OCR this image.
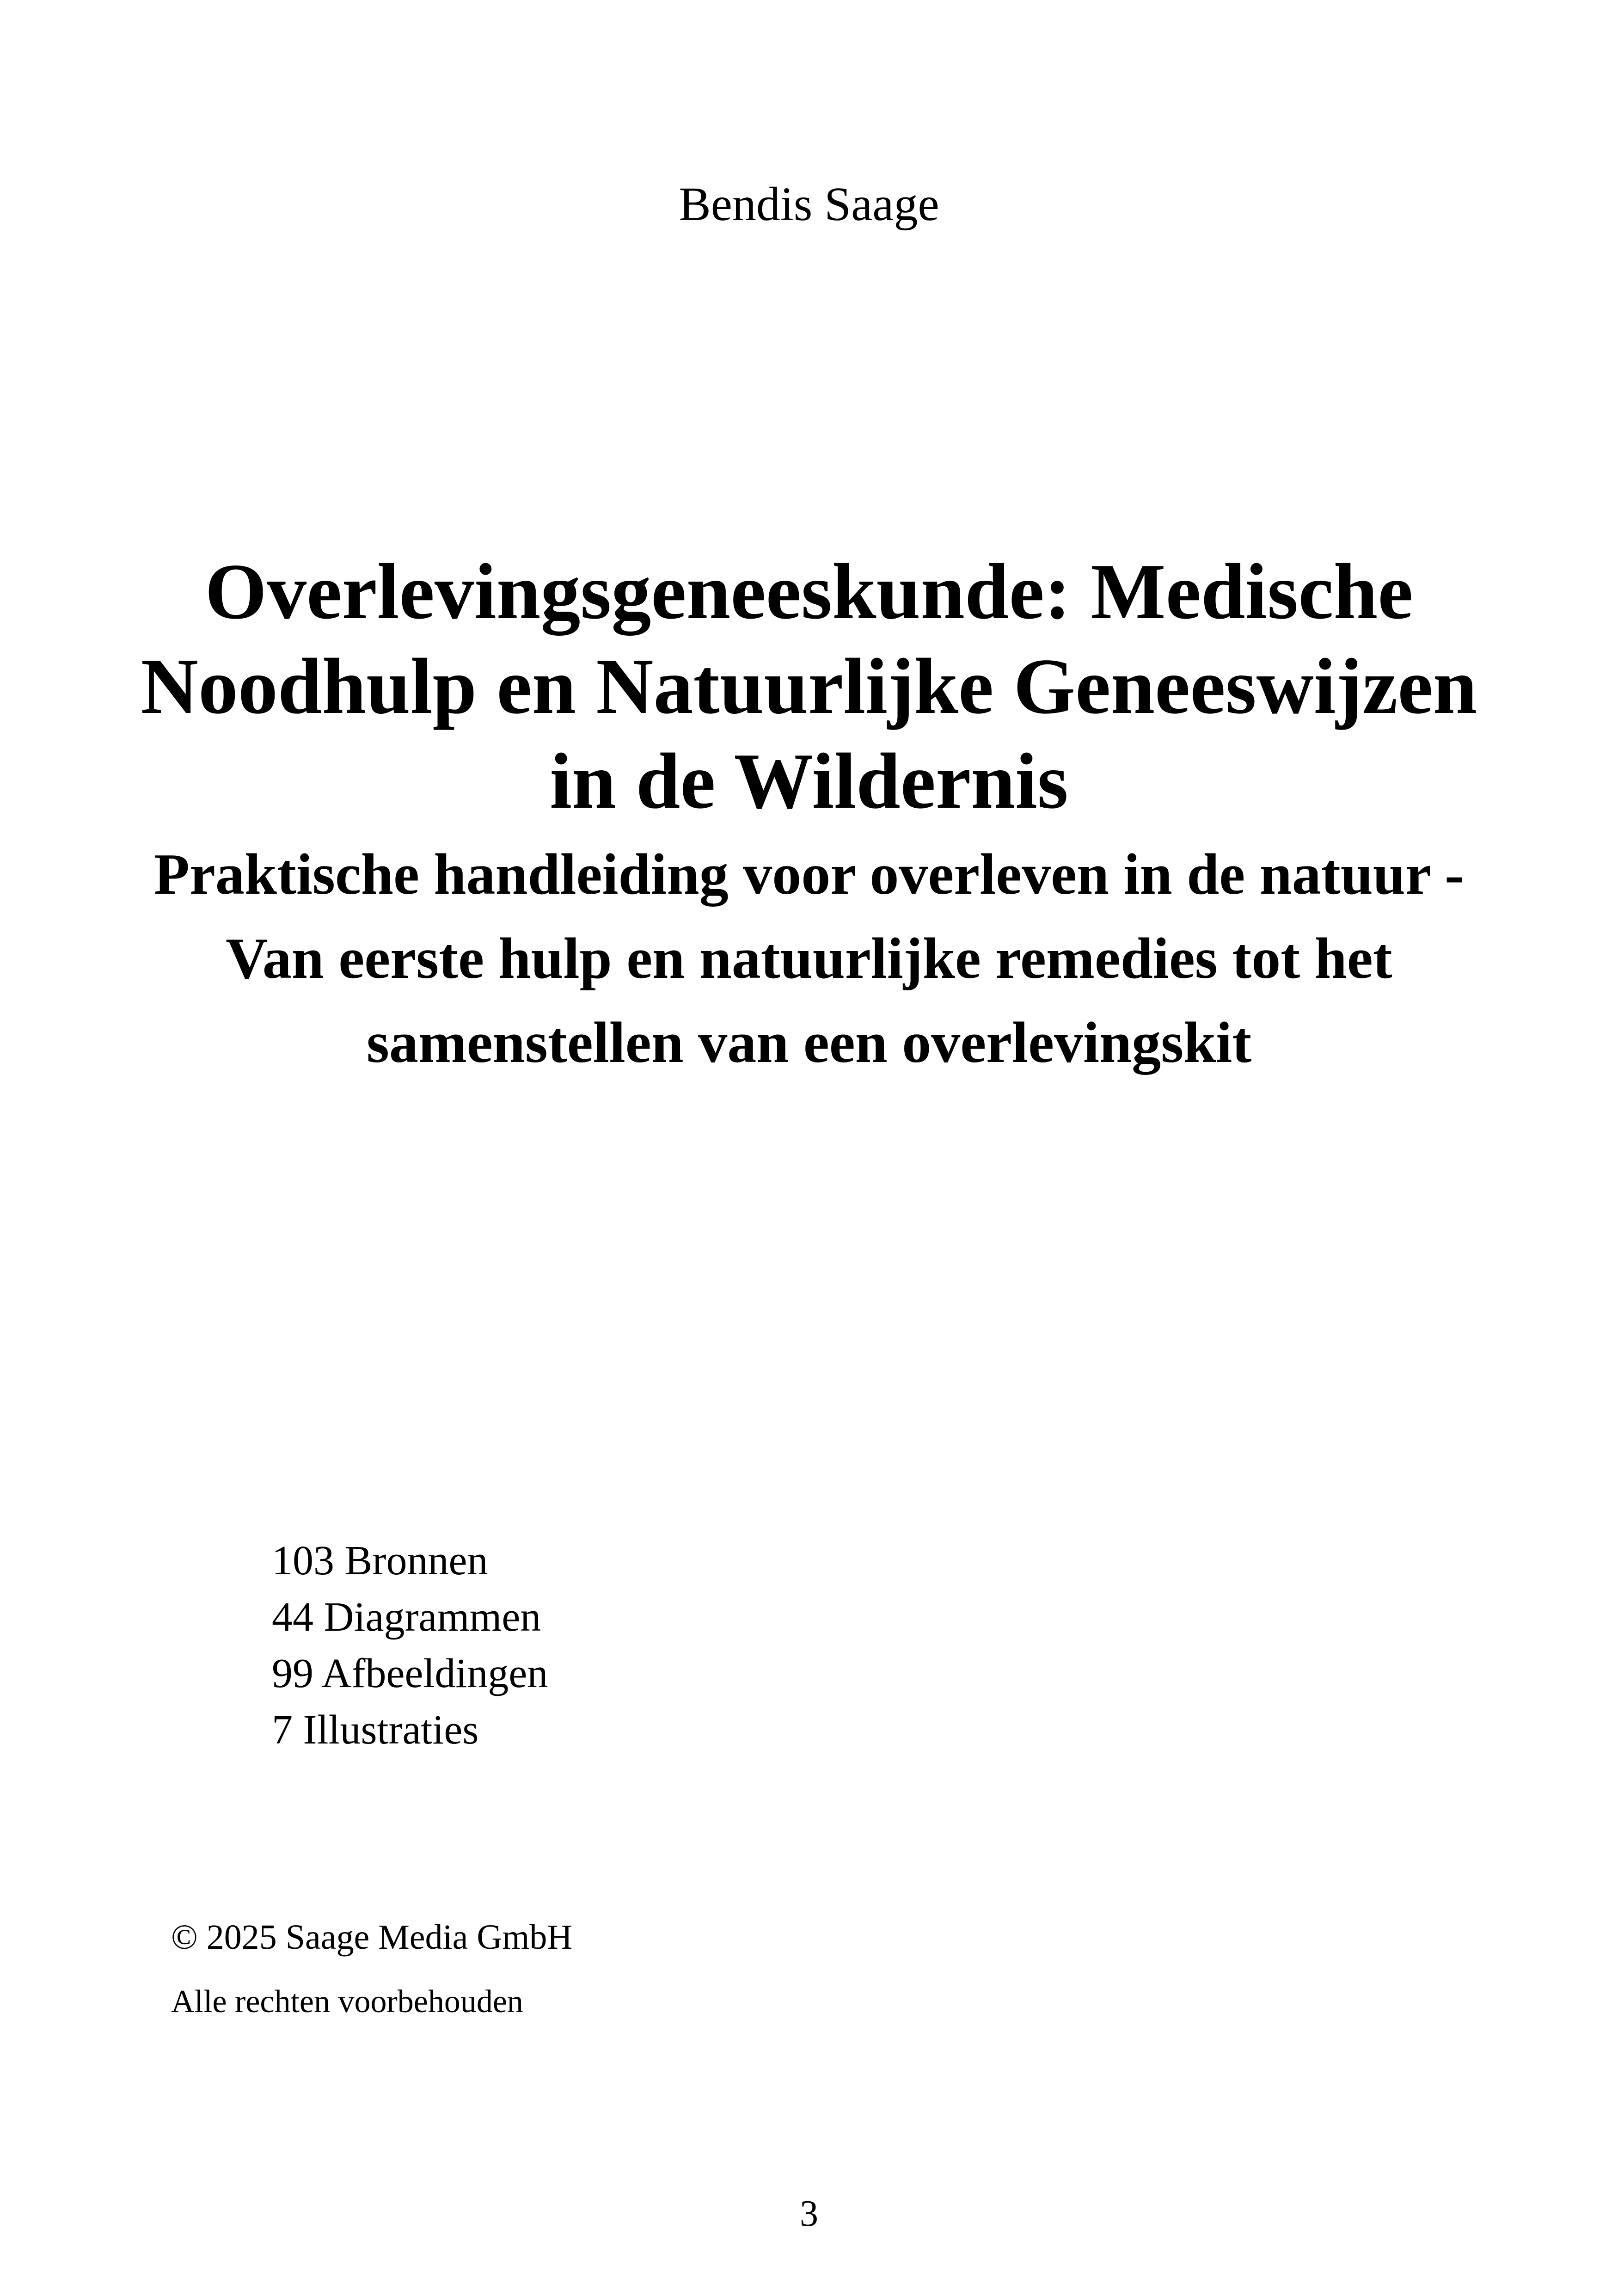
Bendis Saage
Overlevingsgeneeskunde: Medische Noodhulp en Natuurlijke Geneeswijzen in de Wildernis
Praktische handleiding voor overleven in de natuur - Van eerste hulp en natuurlijke remedies tot het samenstellen van een overlevingskit
103 Bronnen
44 Diagrammen
99 Afbeeldingen
7 Illustraties
© 2025 Saage Media GmbH
Alle rechten voorbehouden
3
